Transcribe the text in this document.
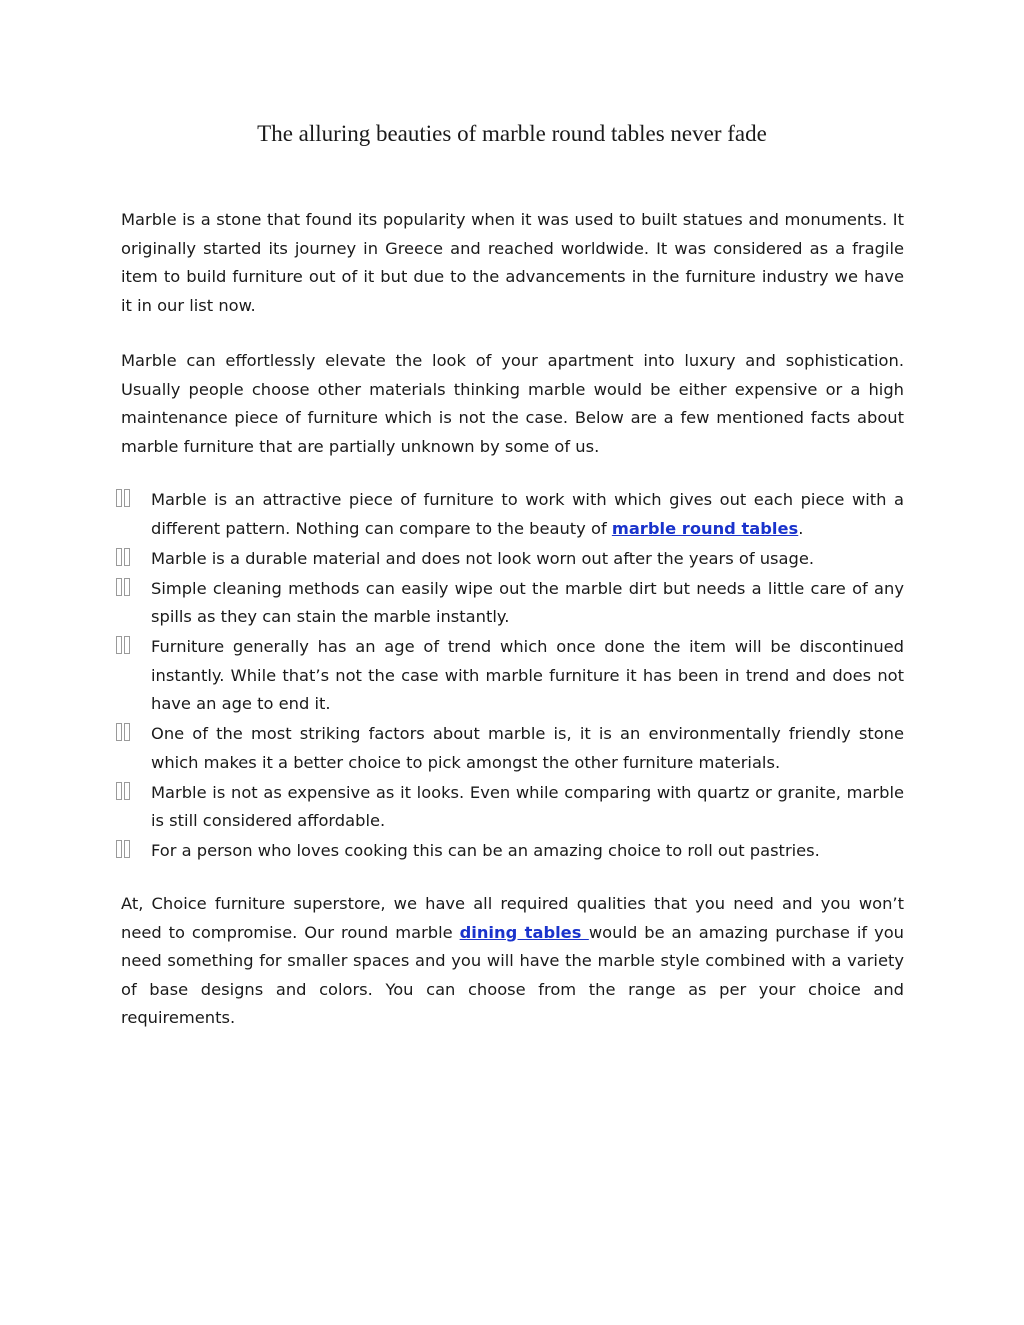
The alluring beauties of marble round tables never fade

Marble is a stone that found its popularity when it was used to built statues and monuments. It originally started its journey in Greece and reached worldwide. It was considered as a fragile item to build furniture out of it but due to the advancements in the furniture industry we have it in our list now.

Marble can effortlessly elevate the look of your apartment into luxury and sophistication. Usually people choose other materials thinking marble would be either expensive or a high maintenance piece of furniture which is not the case. Below are a few mentioned facts about marble furniture that are partially unknown by some of us.

Marble is an attractive piece of furniture to work with which gives out each piece with a different pattern. Nothing can compare to the beauty of marble round tables.
Marble is a durable material and does not look worn out after the years of usage.
Simple cleaning methods can easily wipe out the marble dirt but needs a little care of any spills as they can stain the marble instantly.
Furniture generally has an age of trend which once done the item will be discontinued instantly. While that’s not the case with marble furniture it has been in trend and does not have an age to end it.
One of the most striking factors about marble is, it is an environmentally friendly stone which makes it a better choice to pick amongst the other furniture materials.
Marble is not as expensive as it looks. Even while comparing with quartz or granite, marble is still considered affordable.
For a person who loves cooking this can be an amazing choice to roll out pastries.

At, Choice furniture superstore, we have all required qualities that you need and you won’t need to compromise. Our round marble dining tables would be an amazing purchase if you need something for smaller spaces and you will have the marble style combined with a variety of base designs and colors. You can choose from the range as per your choice and requirements.
